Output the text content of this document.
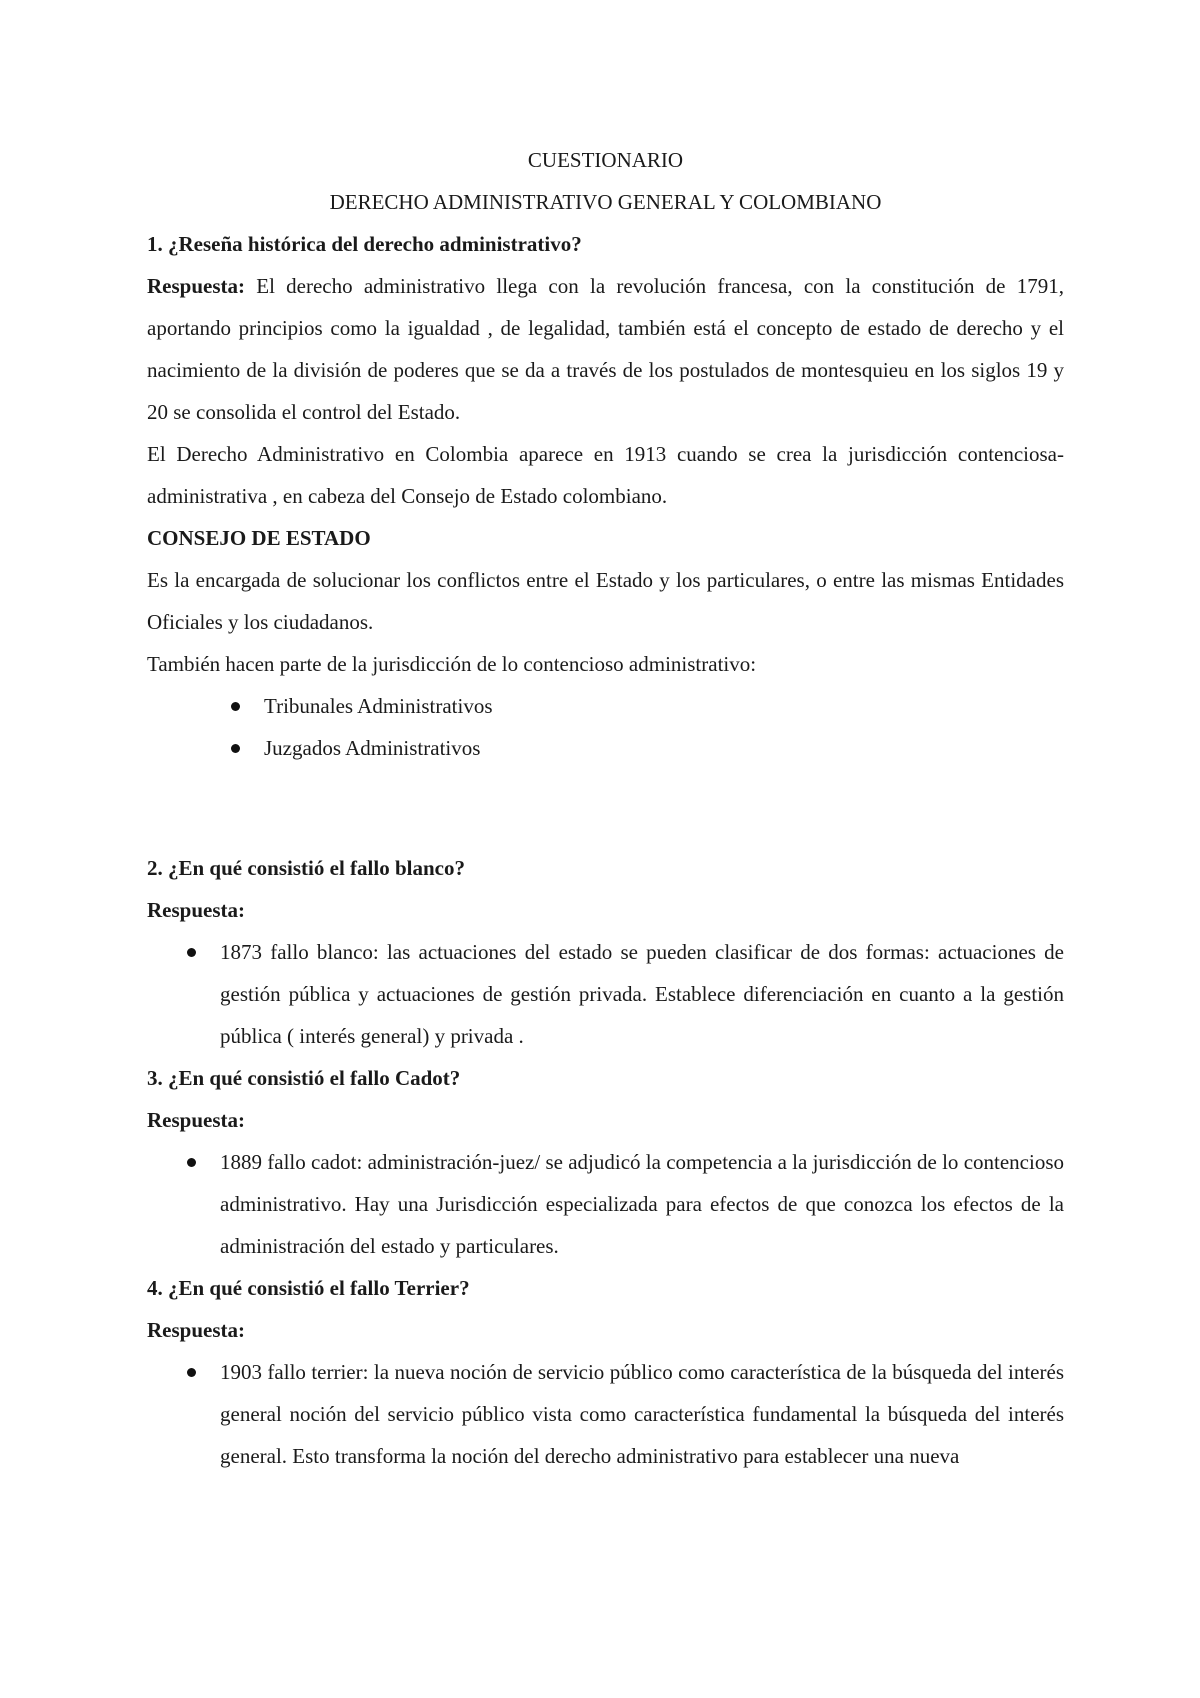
CUESTIONARIO

DERECHO ADMINISTRATIVO GENERAL Y COLOMBIANO

1. ¿Reseña histórica del derecho administrativo?

Respuesta: El derecho administrativo llega con la revolución francesa, con la constitución de 1791, aportando principios como la igualdad , de legalidad, también está el concepto de estado de derecho y el nacimiento de la división de poderes que se da a través de los postulados de montesquieu en los siglos 19 y 20 se consolida el control del Estado.

El Derecho Administrativo en Colombia aparece en 1913 cuando se crea la jurisdicción contenciosa-administrativa , en cabeza del Consejo de Estado colombiano.

CONSEJO DE ESTADO

Es la encargada de solucionar los conflictos entre el Estado y los particulares, o entre las mismas Entidades Oficiales y los ciudadanos.

También hacen parte de la jurisdicción de lo contencioso administrativo:

Tribunales Administrativos
Juzgados Administrativos

2. ¿En qué consistió el fallo blanco?

Respuesta:

1873 fallo blanco: las actuaciones del estado se pueden clasificar de dos formas: actuaciones de gestión pública y actuaciones de gestión privada. Establece diferenciación en cuanto a la gestión pública ( interés general) y privada .

3. ¿En qué consistió el fallo Cadot?

Respuesta:

1889 fallo cadot: administración-juez/ se adjudicó la competencia a la jurisdicción de lo contencioso administrativo. Hay una Jurisdicción especializada para efectos de que conozca los efectos de la administración del estado y particulares.

4. ¿En qué consistió el fallo Terrier?

Respuesta:

1903 fallo terrier: la nueva noción de servicio público como característica de la búsqueda del interés general noción del servicio público vista como característica fundamental la búsqueda del interés general. Esto transforma la noción del derecho administrativo para establecer una nueva
